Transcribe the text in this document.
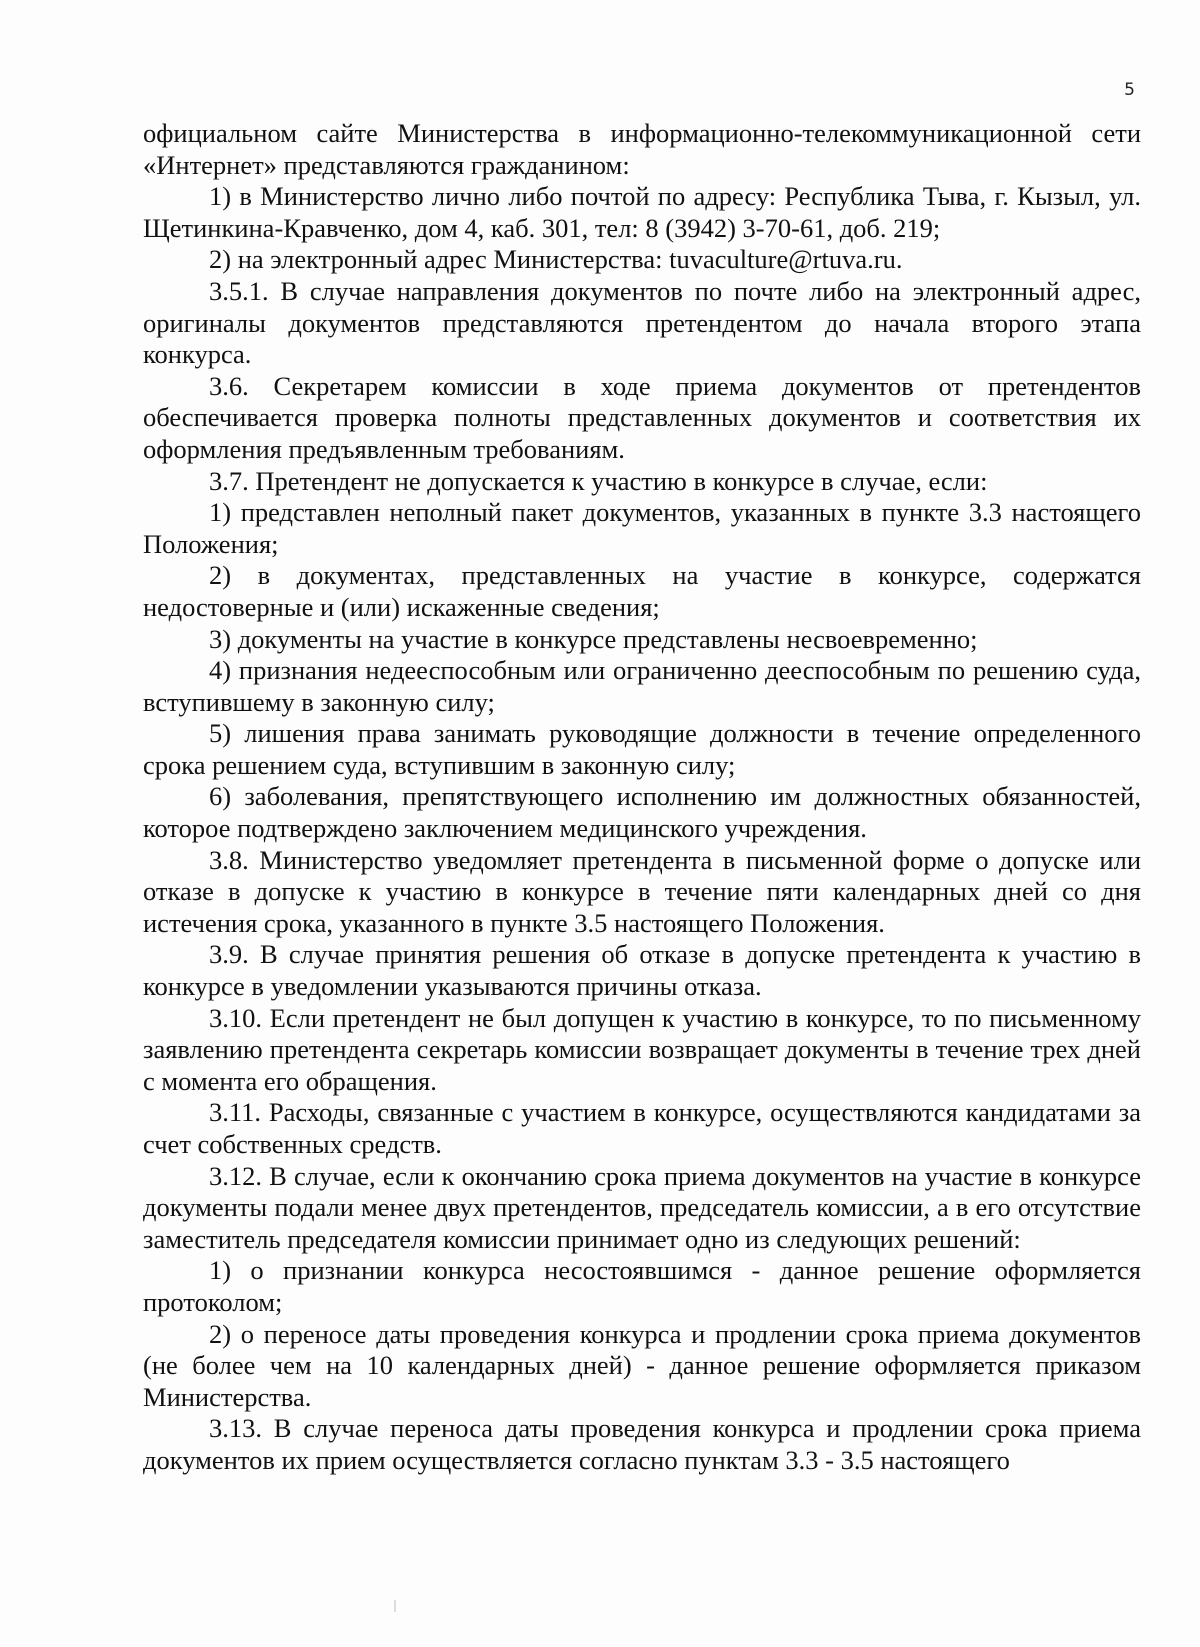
5

официальном сайте Министерства в информационно-телекоммуникационной сети «Интернет» представляются гражданином:

1) в Министерство лично либо почтой по адресу: Республика Тыва, г. Кызыл, ул. Щетинкина-Кравченко, дом 4, каб. 301, тел: 8 (3942) 3-70-61, доб. 219;

2) на электронный адрес Министерства: tuvaculture@rtuva.ru.

3.5.1. В случае направления документов по почте либо на электронный адрес, оригиналы документов представляются претендентом до начала второго этапа конкурса.

3.6. Секретарем комиссии в ходе приема документов от претендентов обеспечивается проверка полноты представленных документов и соответствия их оформления предъявленным требованиям.

3.7. Претендент не допускается к участию в конкурсе в случае, если:

1) представлен неполный пакет документов, указанных в пункте 3.3 настоящего Положения;

2) в документах, представленных на участие в конкурсе, содержатся недостоверные и (или) искаженные сведения;

3) документы на участие в конкурсе представлены несвоевременно;

4) признания недееспособным или ограниченно дееспособным по решению суда, вступившему в законную силу;

5) лишения права занимать руководящие должности в течение определенного срока решением суда, вступившим в законную силу;

6) заболевания, препятствующего исполнению им должностных обязанностей, которое подтверждено заключением медицинского учреждения.

3.8. Министерство уведомляет претендента в письменной форме о допуске или отказе в допуске к участию в конкурсе в течение пяти календарных дней со дня истечения срока, указанного в пункте 3.5 настоящего Положения.

3.9. В случае принятия решения об отказе в допуске претендента к участию в конкурсе в уведомлении указываются причины отказа.

3.10. Если претендент не был допущен к участию в конкурсе, то по письменному заявлению претендента секретарь комиссии возвращает документы в течение трех дней с момента его обращения.

3.11. Расходы, связанные с участием в конкурсе, осуществляются кандидатами за счет собственных средств.

3.12. В случае, если к окончанию срока приема документов на участие в конкурсе документы подали менее двух претендентов, председатель комиссии, а в его отсутствие заместитель председателя комиссии принимает одно из следующих решений:

1) о признании конкурса несостоявшимся - данное решение оформляется протоколом;

2) о переносе даты проведения конкурса и продлении срока приема документов (не более чем на 10 календарных дней) - данное решение оформляется приказом Министерства.

3.13. В случае переноса даты проведения конкурса и продлении срока приема документов их прием осуществляется согласно пунктам 3.3 - 3.5 настоящего
